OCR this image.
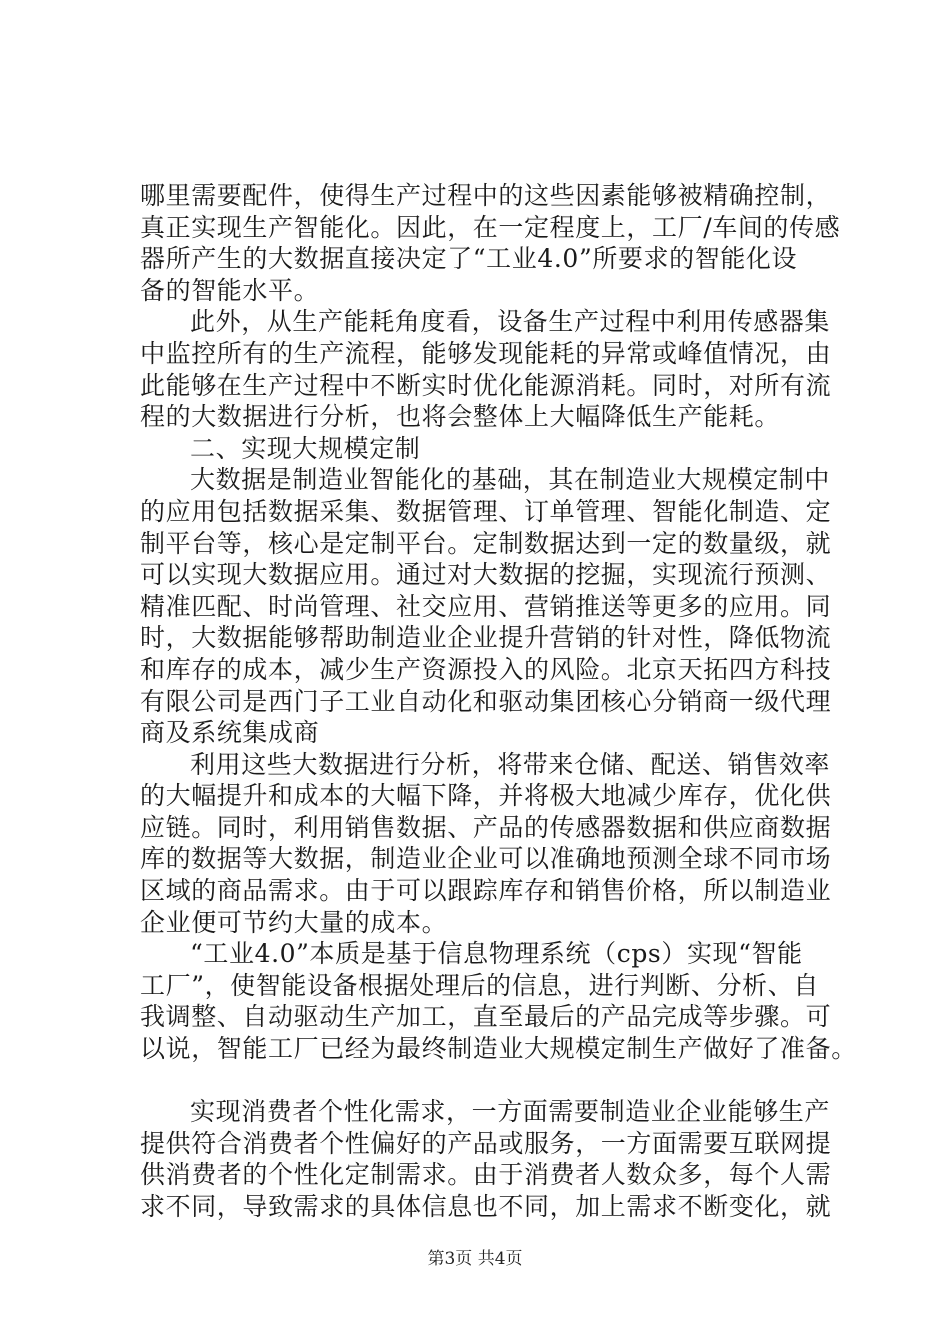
哪里需要配件，使得生产过程中的这些因素能够被精确控制，
真正实现生产智能化。因此，在一定程度上，工厂/车间的传感
器所产生的大数据直接决定了“工业4.0”所要求的智能化设
备的智能水平。
此外，从生产能耗角度看，设备生产过程中利用传感器集
中监控所有的生产流程，能够发现能耗的异常或峰值情况，由
此能够在生产过程中不断实时优化能源消耗。同时，对所有流
程的大数据进行分析，也将会整体上大幅降低生产能耗。
二、实现大规模定制
大数据是制造业智能化的基础，其在制造业大规模定制中
的应用包括数据采集、数据管理、订单管理、智能化制造、定
制平台等，核心是定制平台。定制数据达到一定的数量级，就
可以实现大数据应用。通过对大数据的挖掘，实现流行预测、
精准匹配、时尚管理、社交应用、营销推送等更多的应用。同
时，大数据能够帮助制造业企业提升营销的针对性，降低物流
和库存的成本，减少生产资源投入的风险。北京天拓四方科技
有限公司是西门子工业自动化和驱动集团核心分销商一级代理
商及系统集成商
利用这些大数据进行分析，将带来仓储、配送、销售效率
的大幅提升和成本的大幅下降，并将极大地减少库存，优化供
应链。同时，利用销售数据、产品的传感器数据和供应商数据
库的数据等大数据，制造业企业可以准确地预测全球不同市场
区域的商品需求。由于可以跟踪库存和销售价格，所以制造业
企业便可节约大量的成本。
“工业4.0”本质是基于信息物理系统（cps）实现“智能
工厂”，使智能设备根据处理后的信息，进行判断、分析、自
我调整、自动驱动生产加工，直至最后的产品完成等步骤。可
以说，智能工厂已经为最终制造业大规模定制生产做好了准备。
实现消费者个性化需求，一方面需要制造业企业能够生产
提供符合消费者个性偏好的产品或服务，一方面需要互联网提
供消费者的个性化定制需求。由于消费者人数众多，每个人需
求不同，导致需求的具体信息也不同，加上需求不断变化，就
第3页 共4页
